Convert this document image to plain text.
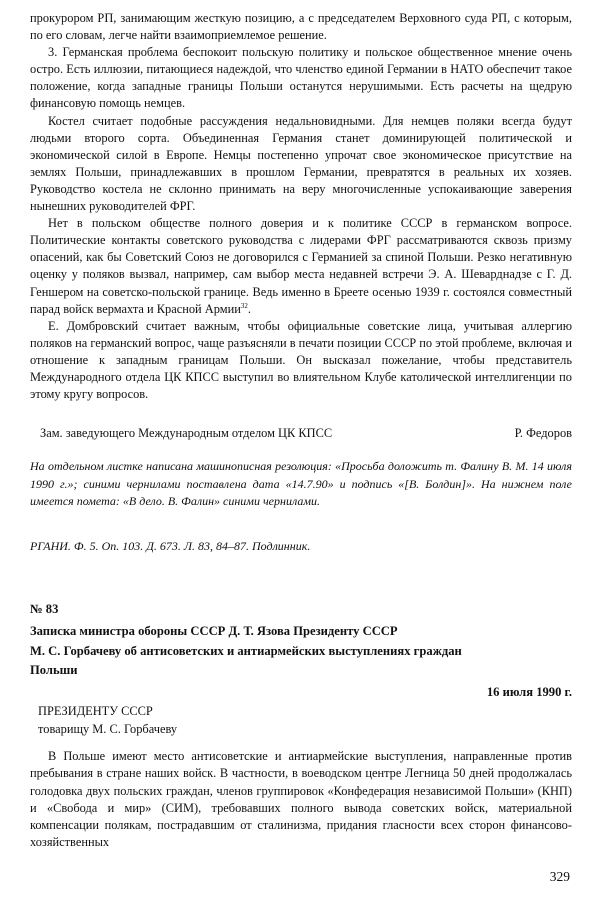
прокурором РП, занимающим жесткую позицию, а с председателем Верховного суда РП, с которым, по его словам, легче найти взаимоприемлемое решение.

3. Германская проблема беспокоит польскую политику и польское общественное мнение очень остро. Есть иллюзии, питающиеся надеждой, что членство единой Германии в НАТО обеспечит такое положение, когда западные границы Польши останутся нерушимыми. Есть расчеты на щедрую финансовую помощь немцев.

Костел считает подобные рассуждения недальновидными. Для немцев поляки всегда будут людьми второго сорта. Объединенная Германия станет доминирующей политической и экономической силой в Европе. Немцы постепенно упрочат свое экономическое присутствие на землях Польши, принадлежавших в прошлом Германии, превратятся в реальных их хозяев. Руководство костела не склонно принимать на веру многочисленные успокаивающие заверения нынешних руководителей ФРГ.

Нет в польском обществе полного доверия и к политике СССР в германском вопросе. Политические контакты советского руководства с лидерами ФРГ рассматриваются сквозь призму опасений, как бы Советский Союз не договорился с Германией за спиной Польши. Резко негативную оценку у поляков вызвал, например, сам выбор места недавней встречи Э. А. Шеварднадзе с Г. Д. Геншером на советско-польской границе. Ведь именно в Бреете осенью 1939 г. состоялся совместный парад войск вермахта и Красной Армии$^{32}$.

Е. Домбровский считает важным, чтобы официальные советские лица, учитывая аллергию поляков на германский вопрос, чаще разъясняли в печати позиции СССР по этой проблеме, включая и отношение к западным границам Польши. Он высказал пожелание, чтобы представитель Международного отдела ЦК КПСС выступил во влиятельном Клубе католической интеллигенции по этому кругу вопросов.

Зам. заведующего Международным отделом ЦК КПСС	Р. Федоров

На отдельном листке написана машинописная резолюция: «Просьба доложить т. Фалину В. М. 14 июля 1990 г.»; синими чернилами поставлена дата «14.7.90» и подпись «[В. Болдин]». На нижнем поле имеется помета: «В дело. В. Фалин» синими чернилами.

РГАНИ. Ф. 5. Оп. 103. Д. 673. Л. 83, 84–87. Подлинник.
№ 83
Записка министра обороны СССР Д. Т. Язова Президенту СССР
М. С. Горбачеву об антисоветских и антиармейских выступлениях граждан
Польши
16 июля 1990 г.
ПРЕЗИДЕНТУ СССР
товарищу М. С. Горбачеву

В Польше имеют место антисоветские и антиармейские выступления, направленные против пребывания в стране наших войск. В частности, в воеводском центре Легница 50 дней продолжалась голодовка двух польских граждан, членов группировок «Конфедерация независимой Польши» (КНП) и «Свобода и мир» (СИМ), требовавших полного вывода советских войск, материальной компенсации полякам, пострадавшим от сталинизма, придания гласности всех сторон финансово-хозяйственных

329
